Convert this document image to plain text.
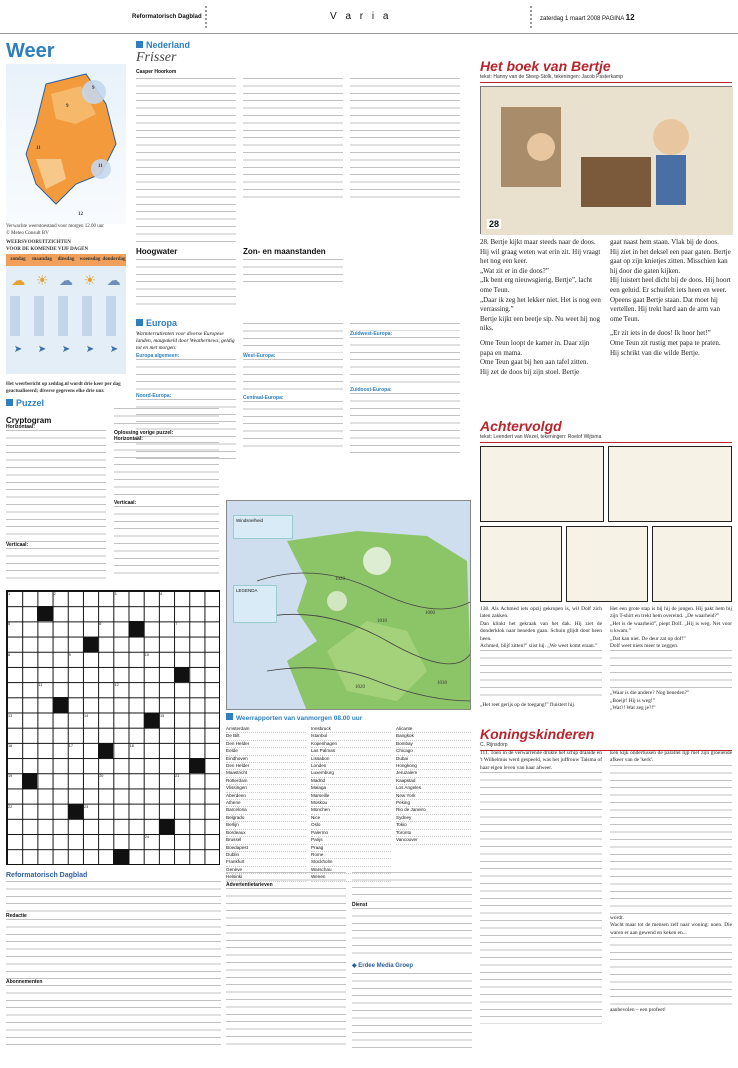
Reformatorisch Dagblad	V a r i a	zaterdag 1 maart 2008 PAGINA 12
Weer
9
9
11
11
12
Verwachte weerstoestand voor morgen 12.00 uur
© Meteo Consult BV
WEERSVOORUITZICHTEN
VOOR DE KOMENDE VIJF DAGEN
zondag	maandag	dinsdag	woensdag donderdag
☁ ☀ ☁ ☀ ☁
➤ ➤ ➤ ➤ ➤
Het weerbericht op zeddag.nl wordt drie keer per dag geactualiseerd; diverse gegevens elke drie uur.
Nederland
Frisser
Casper Hoorkom
Hoogwater	Zon- en maanstanden
Europa
Warmterrutienten voor diverse Europese landen, maupakeld door Weathernews, geldig tot en met morgen:
Europa algemeen:
Noord-Europa:
West-Europa:
Centraal-Europa:
Zuidwest-Europa:
Zuidoost-Europa:
Windsnelheid
LEGENDA
1020
1010
1000
1020
1030
Weerrapporten van vanmorgen 08.00 uur
Amsterdam
De Bilt
Den Helder
Eelde
Eindhoven
Den Helder
Maastricht
Rotterdam
Vlissingen
Aberdeen
Athene
Barcelona
Belgrado
Berlijn
Bordeaux
Brussel
Boedapest
Dublin
Frankfurt
Genève
Helsinki
Innsbruck
Istanbul
Kopenhagen
Las Palmas
Lissabon
Londen
Luxemburg
Madrid
Malaga
Marseille
Moskou
München
Nice
Oslo
Palermo
Parijs
Praag
Rome
Stockholm
Warschau
Wenen
Alicante
Bangkok
Bombay
Chicago
Dubai
Hongkong
Jeruzalem
Kaapstad
Los Angeles
New York
Peking
Rio de Janeiro
Sydney
Tokio
Toronto
Vancouver
Puzzel
Cryptogram
Horizontaal:
Verticaal:
Oplossing vorige puzzel:
Horizontaal:
Verticaal:
1	2	3	4
5	6	7
8	9	10
11	12
13	14	15
16	17	18
19	20	21
22	23
24
Reformatorisch Dagblad
Redactie
Abonnementen
Advertentietarieven
Dienst
◆ Erdee Media Groep
Het boek van Bertje
tekst: Hanny van de Steeg-Stolk, tekeningen: Jacob Pasterkamp
28

28. Bertje kijkt maar steeds naar de doos. Hij wil graag weten wat erin zit. Hij vraagt het nog een keer.

„Wat zit er in die doos?”

„Ik bent erg nieuwsgierig, Bertje”, lacht ome Teun.

„Daar ik zeg het lekker niet. Het is nog een verrassing.”

Bertje kijkt een beetje sip. Nu weet hij nog niks.

Ome Teun loopt de kamer in. Daar zijn papa en mama.

Ome Teun gaat bij hen aan tafel zitten.

Hij zet de doos bij zijn stoel. Bertje

gaat naast hem staan. Vlak bij de doos.

Hij ziet in het deksel een paar gaten. Bertje gaat op zijn knietjes zitten. Misschien kan hij door die gaten kijken.

Hij luistert heel dicht bij de doos. Hij hoort een geluid. Er schuifelt iets heen en weer.

Opeens gaat Bertje staan. Dat moet hij vertellen. Hij trekt hard aan de arm van ome Teun.

„Er zit iets in de doos! Ik hoor het!”

Ome Teun zit rustig met papa te praten.

Hij schrikt van die wilde Bertje.

Achtervolgd
tekst: Leendert van Wezel, tekeningen: Roelof Wijtsma

138. Als Achmed iets opzij gekropen is, wil Dolf zich laten zakken.

Dan klinkt het gekraak van het dak. Hij ziet de donderklok naar beneden gaan. Schuin glijdt door heen heen.

Achmed, blijf zitten!” siist hij. „We weet komt eraan.”

„Het reet gerijs op de toegang!” fluistert hij.

Het een grote stap is bij hij de jongen. Hij pakt hem bij zijn T-shirt en trekt hem overeind. „De waarheid?”

„Het is de waarheid”, piept Dolf. „Hij is weg. Net voor u kwam.”

„Dat kan niet. De deur zat op dof!”

Dolf weet niets meer te zeggen.

„Waar is die andere? Nog beneden?”

„Boeijt! Hij is weg!”

„Wat?! Wat zeg je?!”

Koningskinderen
C. Rijnsdorp

111. Toen in de verwarrende drukte het schip draaide en 't Wilhelmus werd gespeeld, was het juffrouw Talsma of haar eigen leven van haar afweer.

Een kijk ondertussen de parallel lijp met zijn groeiende afkeer van de 'kerk'.

wordt.

Wacht maar tot de mensen zelf naar woning: noen. Die waren er aan gewend en keken en...

aanbevolen – een profeet!
